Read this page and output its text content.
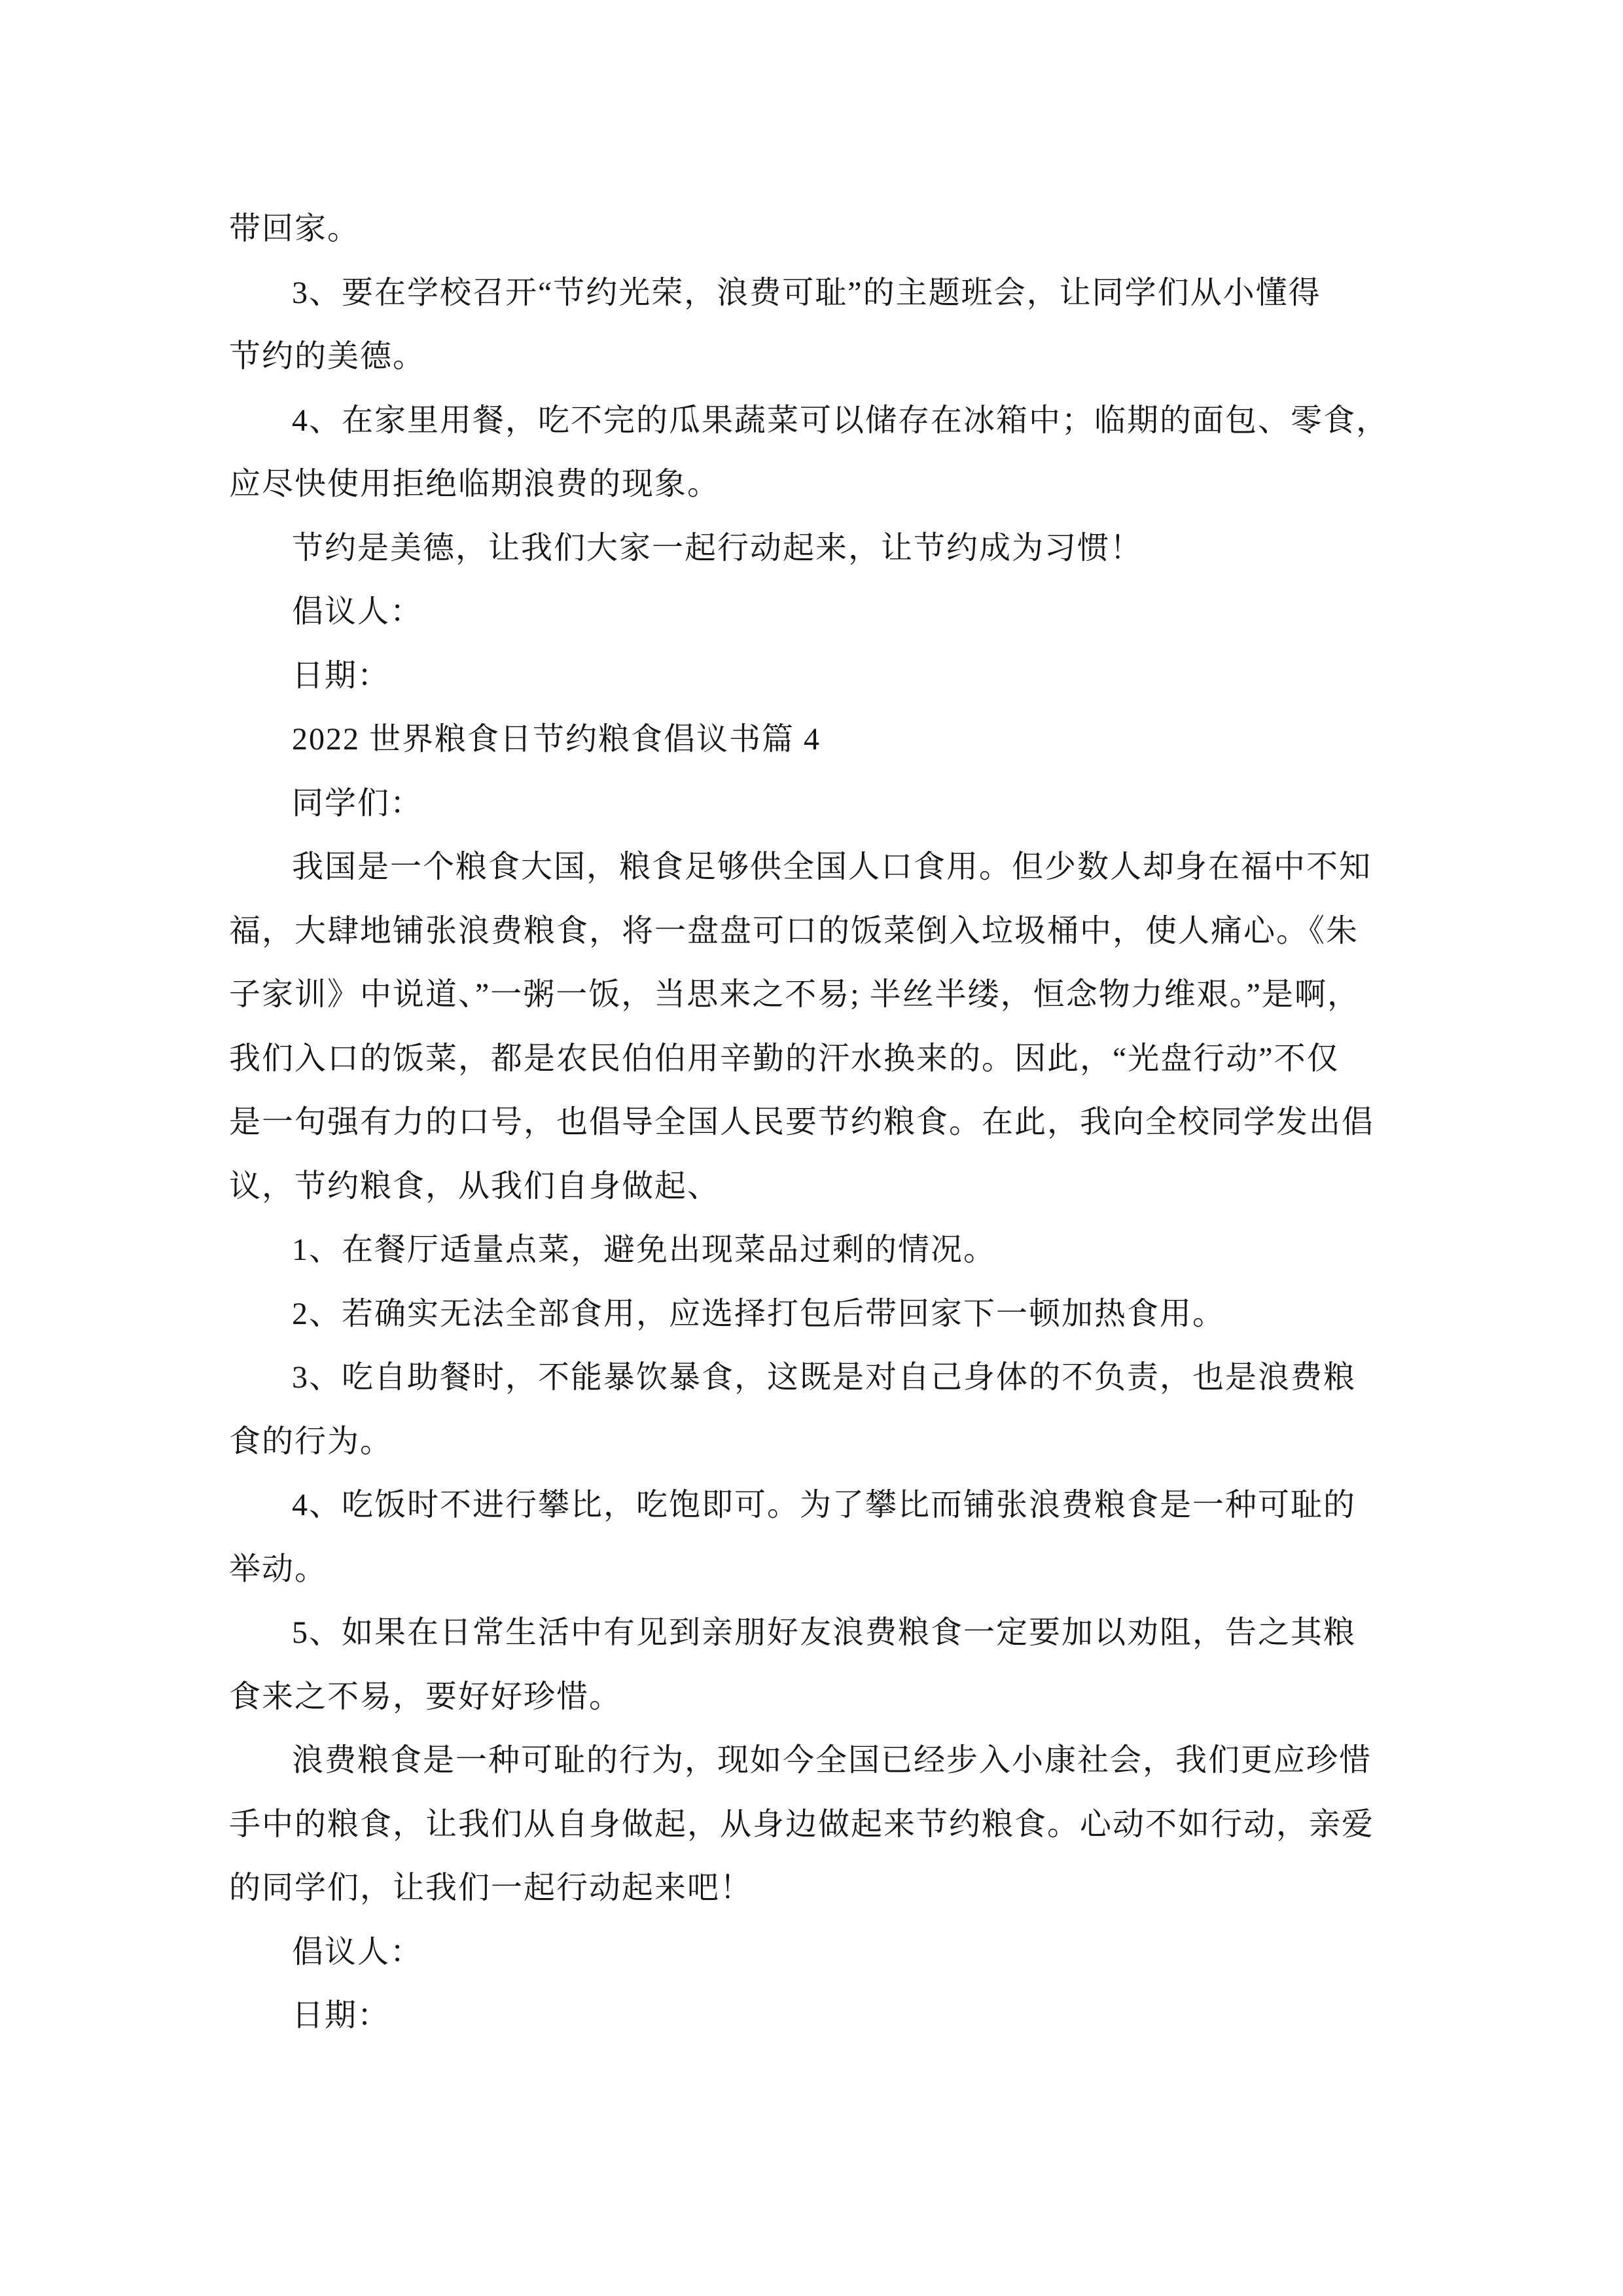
带回家。
3、要在学校召开“节约光荣，浪费可耻”的主题班会，让同学们从小懂得
节约的美德。
4、在家里用餐，吃不完的瓜果蔬菜可以储存在冰箱中；临期的面包、零食，
应尽快使用拒绝临期浪费的现象。
节约是美德，让我们大家一起行动起来，让节约成为习惯！
倡议人：
日期：
2022 世界粮食日节约粮食倡议书篇 4
同学们：
我国是一个粮食大国，粮食足够供全国人口食用。但少数人却身在福中不知
福，大肆地铺张浪费粮食，将一盘盘可口的饭菜倒入垃圾桶中，使人痛心。《朱
子家训》中说道、”一粥一饭，当思来之不易; 半丝半缕，恒念物力维艰。”是啊，
我们入口的饭菜，都是农民伯伯用辛勤的汗水换来的。因此，“光盘行动”不仅
是一句强有力的口号，也倡导全国人民要节约粮食。在此，我向全校同学发出倡
议，节约粮食，从我们自身做起、
1、在餐厅适量点菜，避免出现菜品过剩的情况。
2、若确实无法全部食用，应选择打包后带回家下一顿加热食用。
3、吃自助餐时，不能暴饮暴食，这既是对自己身体的不负责，也是浪费粮
食的行为。
4、吃饭时不进行攀比，吃饱即可。为了攀比而铺张浪费粮食是一种可耻的
举动。
5、如果在日常生活中有见到亲朋好友浪费粮食一定要加以劝阻，告之其粮
食来之不易，要好好珍惜。
浪费粮食是一种可耻的行为，现如今全国已经步入小康社会，我们更应珍惜
手中的粮食，让我们从自身做起，从身边做起来节约粮食。心动不如行动，亲爱
的同学们，让我们一起行动起来吧！
倡议人：
日期：
